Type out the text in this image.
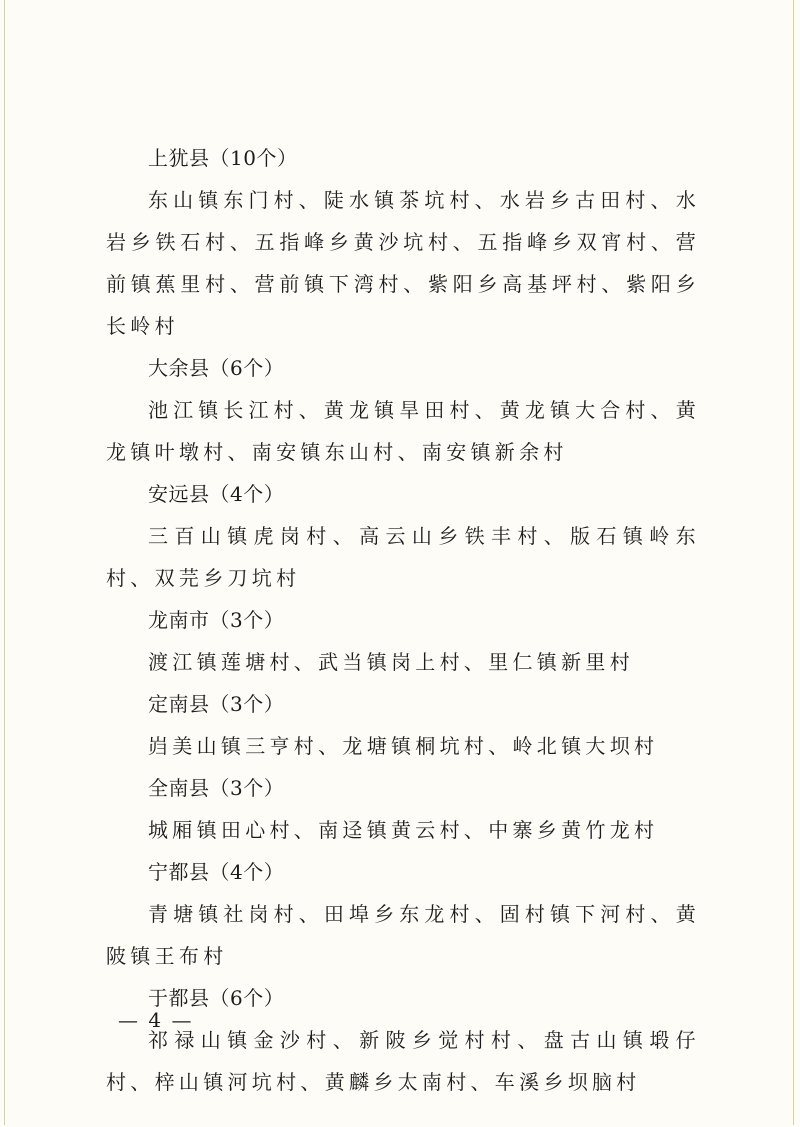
上犹县（10个）

东山镇东门村、陡水镇茶坑村、水岩乡古田村、水岩乡铁石村、五指峰乡黄沙坑村、五指峰乡双宵村、营前镇蕉里村、营前镇下湾村、紫阳乡高基坪村、紫阳乡长岭村

大余县（6个）

池江镇长江村、黄龙镇旱田村、黄龙镇大合村、黄龙镇叶墩村、南安镇东山村、南安镇新余村

安远县（4个）

三百山镇虎岗村、高云山乡铁丰村、版石镇岭东村、双芫乡刀坑村

龙南市（3个）

渡江镇莲塘村、武当镇岗上村、里仁镇新里村

定南县（3个）

岿美山镇三亨村、龙塘镇桐坑村、岭北镇大坝村

全南县（3个）

城厢镇田心村、南迳镇黄云村、中寨乡黄竹龙村

宁都县（4个）

青塘镇社岗村、田埠乡东龙村、固村镇下河村、黄陂镇王布村

于都县（6个）

祁禄山镇金沙村、新陂乡觉村村、盘古山镇塅仔村、梓山镇河坑村、黄麟乡太南村、车溪乡坝脑村

— 4 —
